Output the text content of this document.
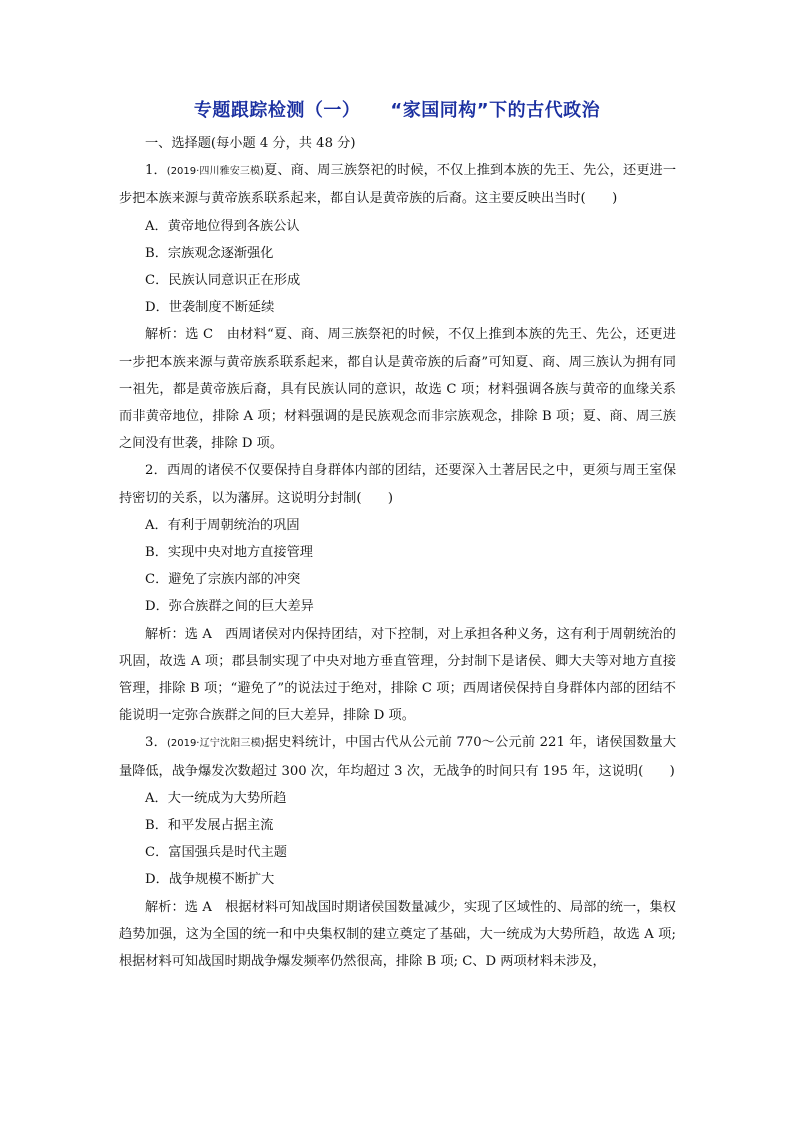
专题跟踪检测（一） “家国同构”下的古代政治
一、选择题(每小题 4 分，共 48 分)
1．(2019·四川雅安三模)夏、商、周三族祭祀的时候，不仅上推到本族的先王、先公，还更进一步把本族来源与黄帝族系联系起来，都自认是黄帝族的后裔。这主要反映出当时(　　)
A．黄帝地位得到各族公认
B．宗族观念逐渐强化
C．民族认同意识正在形成
D．世袭制度不断延续
解析：选 C　由材料“夏、商、周三族祭祀的时候，不仅上推到本族的先王、先公，还更进一步把本族来源与黄帝族系联系起来，都自认是黄帝族的后裔”可知夏、商、周三族认为拥有同一祖先，都是黄帝族后裔，具有民族认同的意识，故选 C 项；材料强调各族与黄帝的血缘关系而非黄帝地位，排除 A 项；材料强调的是民族观念而非宗族观念，排除 B 项；夏、商、周三族之间没有世袭，排除 D 项。
2．西周的诸侯不仅要保持自身群体内部的团结，还要深入土著居民之中，更须与周王室保持密切的关系，以为藩屏。这说明分封制(　　)
A．有利于周朝统治的巩固
B．实现中央对地方直接管理
C．避免了宗族内部的冲突
D．弥合族群之间的巨大差异
解析：选 A　西周诸侯对内保持团结，对下控制，对上承担各种义务，这有利于周朝统治的巩固，故选 A 项；郡县制实现了中央对地方垂直管理，分封制下是诸侯、卿大夫等对地方直接管理，排除 B 项；“避免了”的说法过于绝对，排除 C 项；西周诸侯保持自身群体内部的团结不能说明一定弥合族群之间的巨大差异，排除 D 项。
3．(2019·辽宁沈阳三模)据史料统计，中国古代从公元前 770～公元前 221 年，诸侯国数量大量降低，战争爆发次数超过 300 次，年均超过 3 次，无战争的时间只有 195 年，这说明(　　)
A．大一统成为大势所趋
B．和平发展占据主流
C．富国强兵是时代主题
D．战争规模不断扩大
解析：选 A　根据材料可知战国时期诸侯国数量减少，实现了区域性的、局部的统一，集权趋势加强，这为全国的统一和中央集权制的建立奠定了基础，大一统成为大势所趋，故选 A 项; 根据材料可知战国时期战争爆发频率仍然很高，排除 B 项; C、D 两项材料未涉及，
